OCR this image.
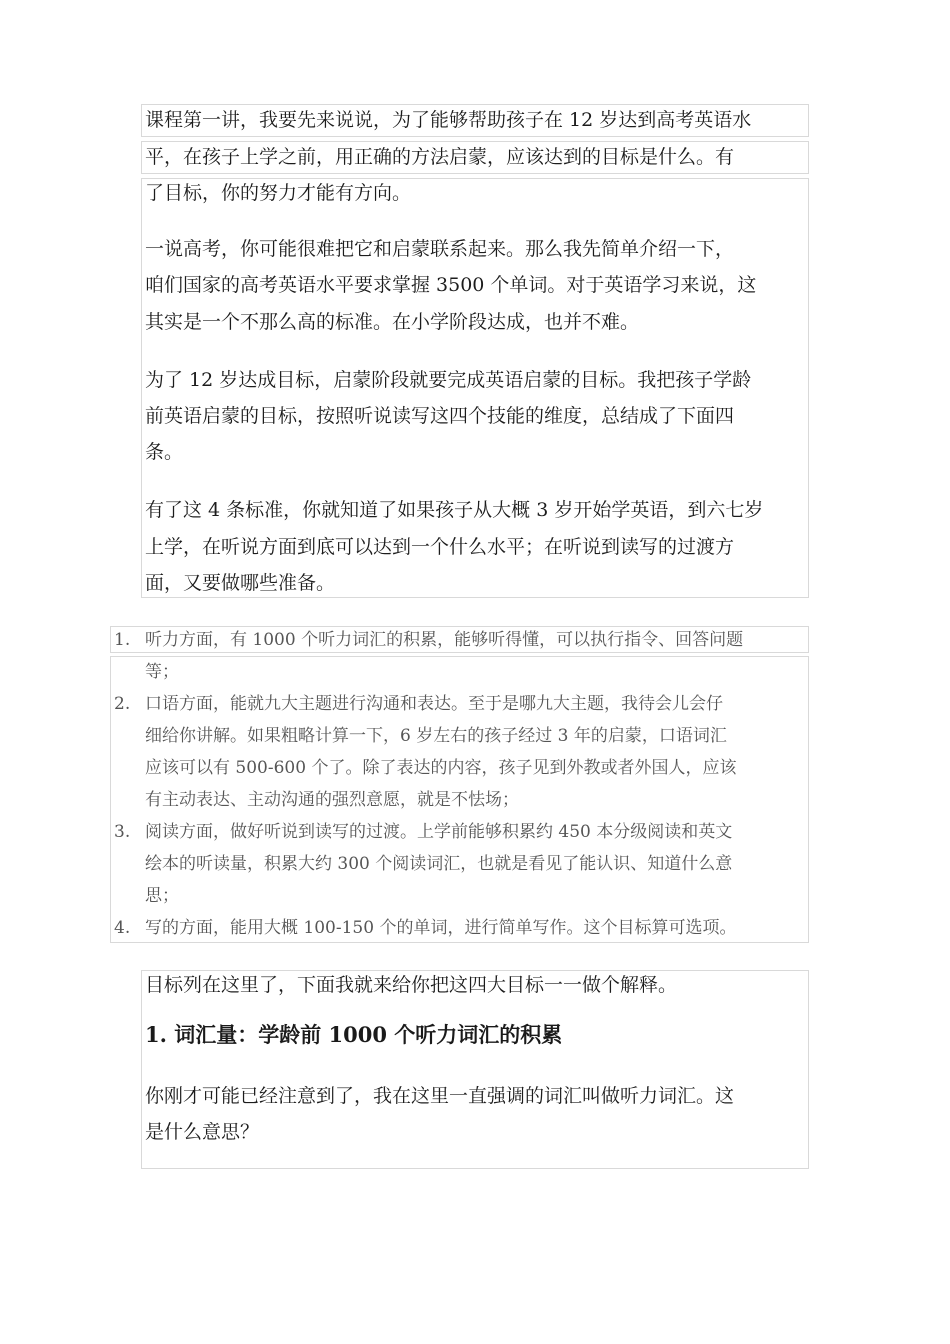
课程第一讲，我要先来说说，为了能够帮助孩子在 12 岁达到高考英语水

平，在孩子上学之前，用正确的方法启蒙，应该达到的目标是什么。有

了目标，你的努力才能有方向。

一说高考，你可能很难把它和启蒙联系起来。那么我先简单介绍一下，

咱们国家的高考英语水平要求掌握 3500 个单词。对于英语学习来说，这

其实是一个不那么高的标准。在小学阶段达成，也并不难。

为了 12 岁达成目标，启蒙阶段就要完成英语启蒙的目标。我把孩子学龄

前英语启蒙的目标，按照听说读写这四个技能的维度，总结成了下面四

条。

有了这 4 条标准，你就知道了如果孩子从大概 3 岁开始学英语，到六七岁

上学，在听说方面到底可以达到一个什么水平；在听说到读写的过渡方

面，又要做哪些准备。

1. 听力方面，有 1000 个听力词汇的积累，能够听得懂，可以执行指令、回答问题

等；

2. 口语方面，能就九大主题进行沟通和表达。至于是哪九大主题，我待会儿会仔

细给你讲解。如果粗略计算一下，6 岁左右的孩子经过 3 年的启蒙，口语词汇

应该可以有 500-600 个了。除了表达的内容，孩子见到外教或者外国人，应该

有主动表达、主动沟通的强烈意愿，就是不怯场；

3. 阅读方面，做好听说到读写的过渡。上学前能够积累约 450 本分级阅读和英文

绘本的听读量，积累大约 300 个阅读词汇，也就是看见了能认识、知道什么意

思；

4. 写的方面，能用大概 100-150 个的单词，进行简单写作。这个目标算可选项。

目标列在这里了，下面我就来给你把这四大目标一一做个解释。

1. 词汇量：学龄前 1000 个听力词汇的积累

你刚才可能已经注意到了，我在这里一直强调的词汇叫做听力词汇。这

是什么意思？
